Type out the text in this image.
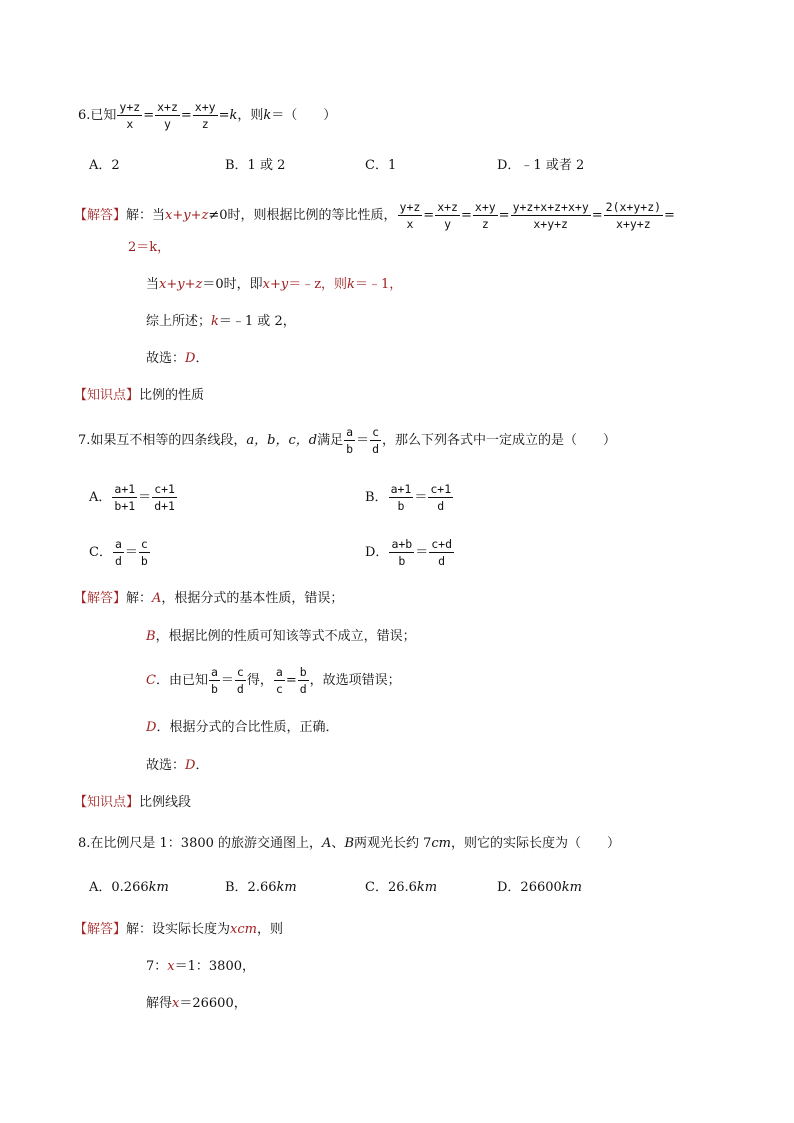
6.已知 $\frac{y+z}{x} = \frac{x+z}{y} = \frac{x+y}{z} = k$ ，则 k ＝（　　）
A．2	B．1 或 2	C．1	D．﹣1 或者 2
【解答】 解：当 x+y+z ≠0时，则根据比例的等比性质， $\frac{y+z}{x} = \frac{x+z}{y} = \frac{x+y}{z} = \frac{y+z+x+z+x+y}{x+y+z} = \frac{2(x+y+z)}{x+y+z}$ =
2＝k，
当x+y+z＝0时，即x+y＝﹣z，则k＝﹣1，
综上所述；k＝﹣1 或 2，
故选：D．
【知识点】比例的性质
7.如果互不相等的四条线段， a，b，c，d 满足 $\frac{a}{b} = \frac{c}{d}$ ，那么下列各式中一定成立的是（　　）
A． $\frac{a+1}{b+1} = \frac{c+1}{d+1}$	B． $\frac{a+1}{b} = \frac{c+1}{d}$
C． $\frac{a}{d} = \frac{c}{b}$	D． $\frac{a+b}{b} = \frac{c+d}{d}$
【解答】解：A，根据分式的基本性质，错误；
B，根据比例的性质可知该等式不成立，错误；
C ．由已知 $\frac{a}{b} = \frac{c}{d}$ 得， $\frac{a}{c} = \frac{b}{d}$ ，故选项错误；
D．根据分式的合比性质，正确．
故选：D．
【知识点】比例线段
8.在比例尺是 1：3800 的旅游交通图上，A、B两观光长约 7cm，则它的实际长度为（　　）
A．0.266km	B．2.66km	C．26.6km	D．26600km
【解答】解：设实际长度为xcm，则
7：x＝1：3800，
解得x＝26600，
